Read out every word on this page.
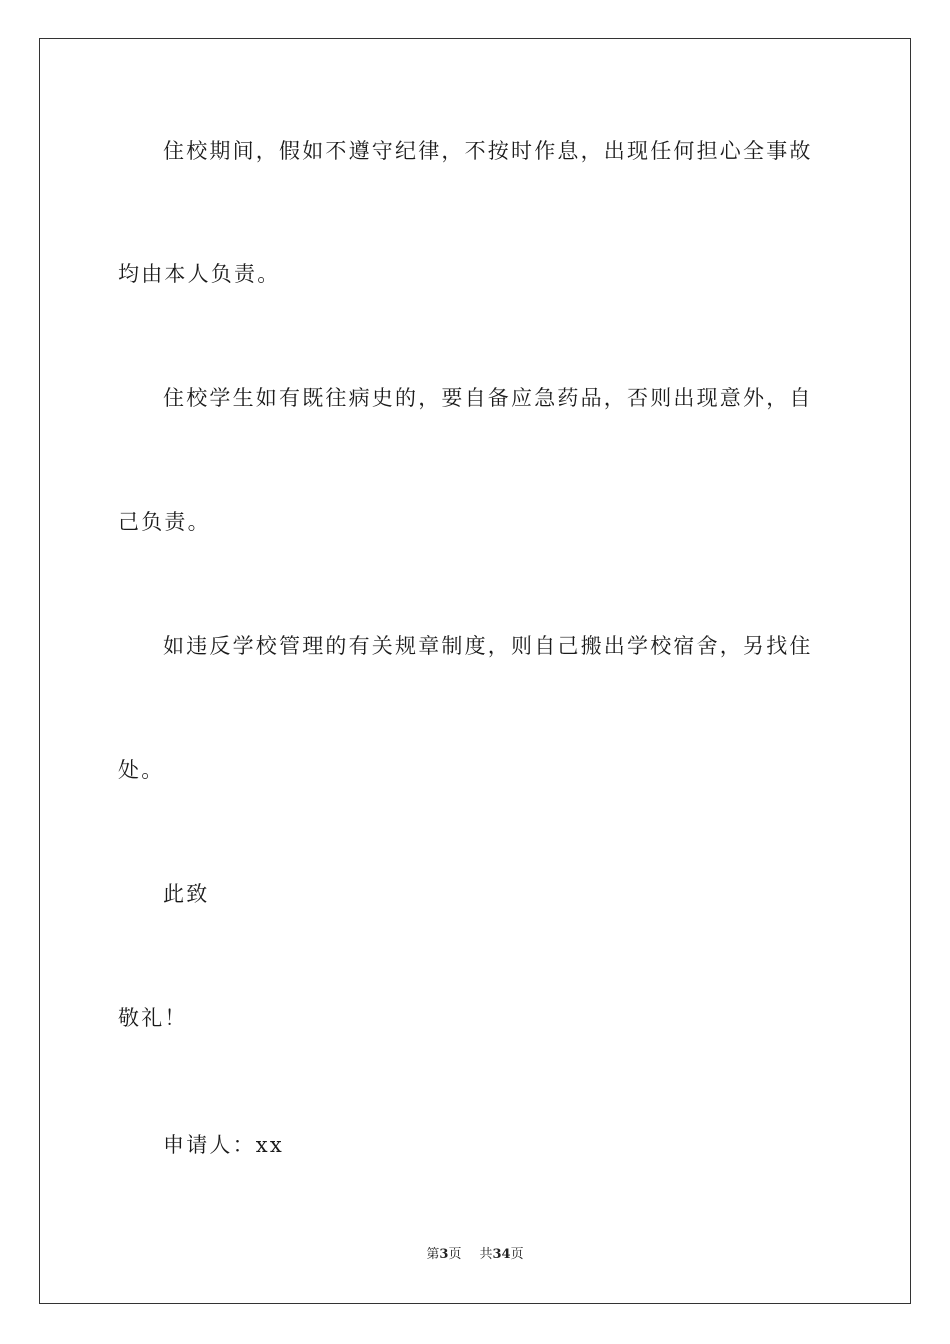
住校期间，假如不遵守纪律，不按时作息，出现任何担心全事故
均由本人负责。
住校学生如有既往病史的，要自备应急药品，否则出现意外，自
己负责。
如违反学校管理的有关规章制度，则自己搬出学校宿舍，另找住
处。
此致
敬礼！
申请人：xx
第3页 共34页
